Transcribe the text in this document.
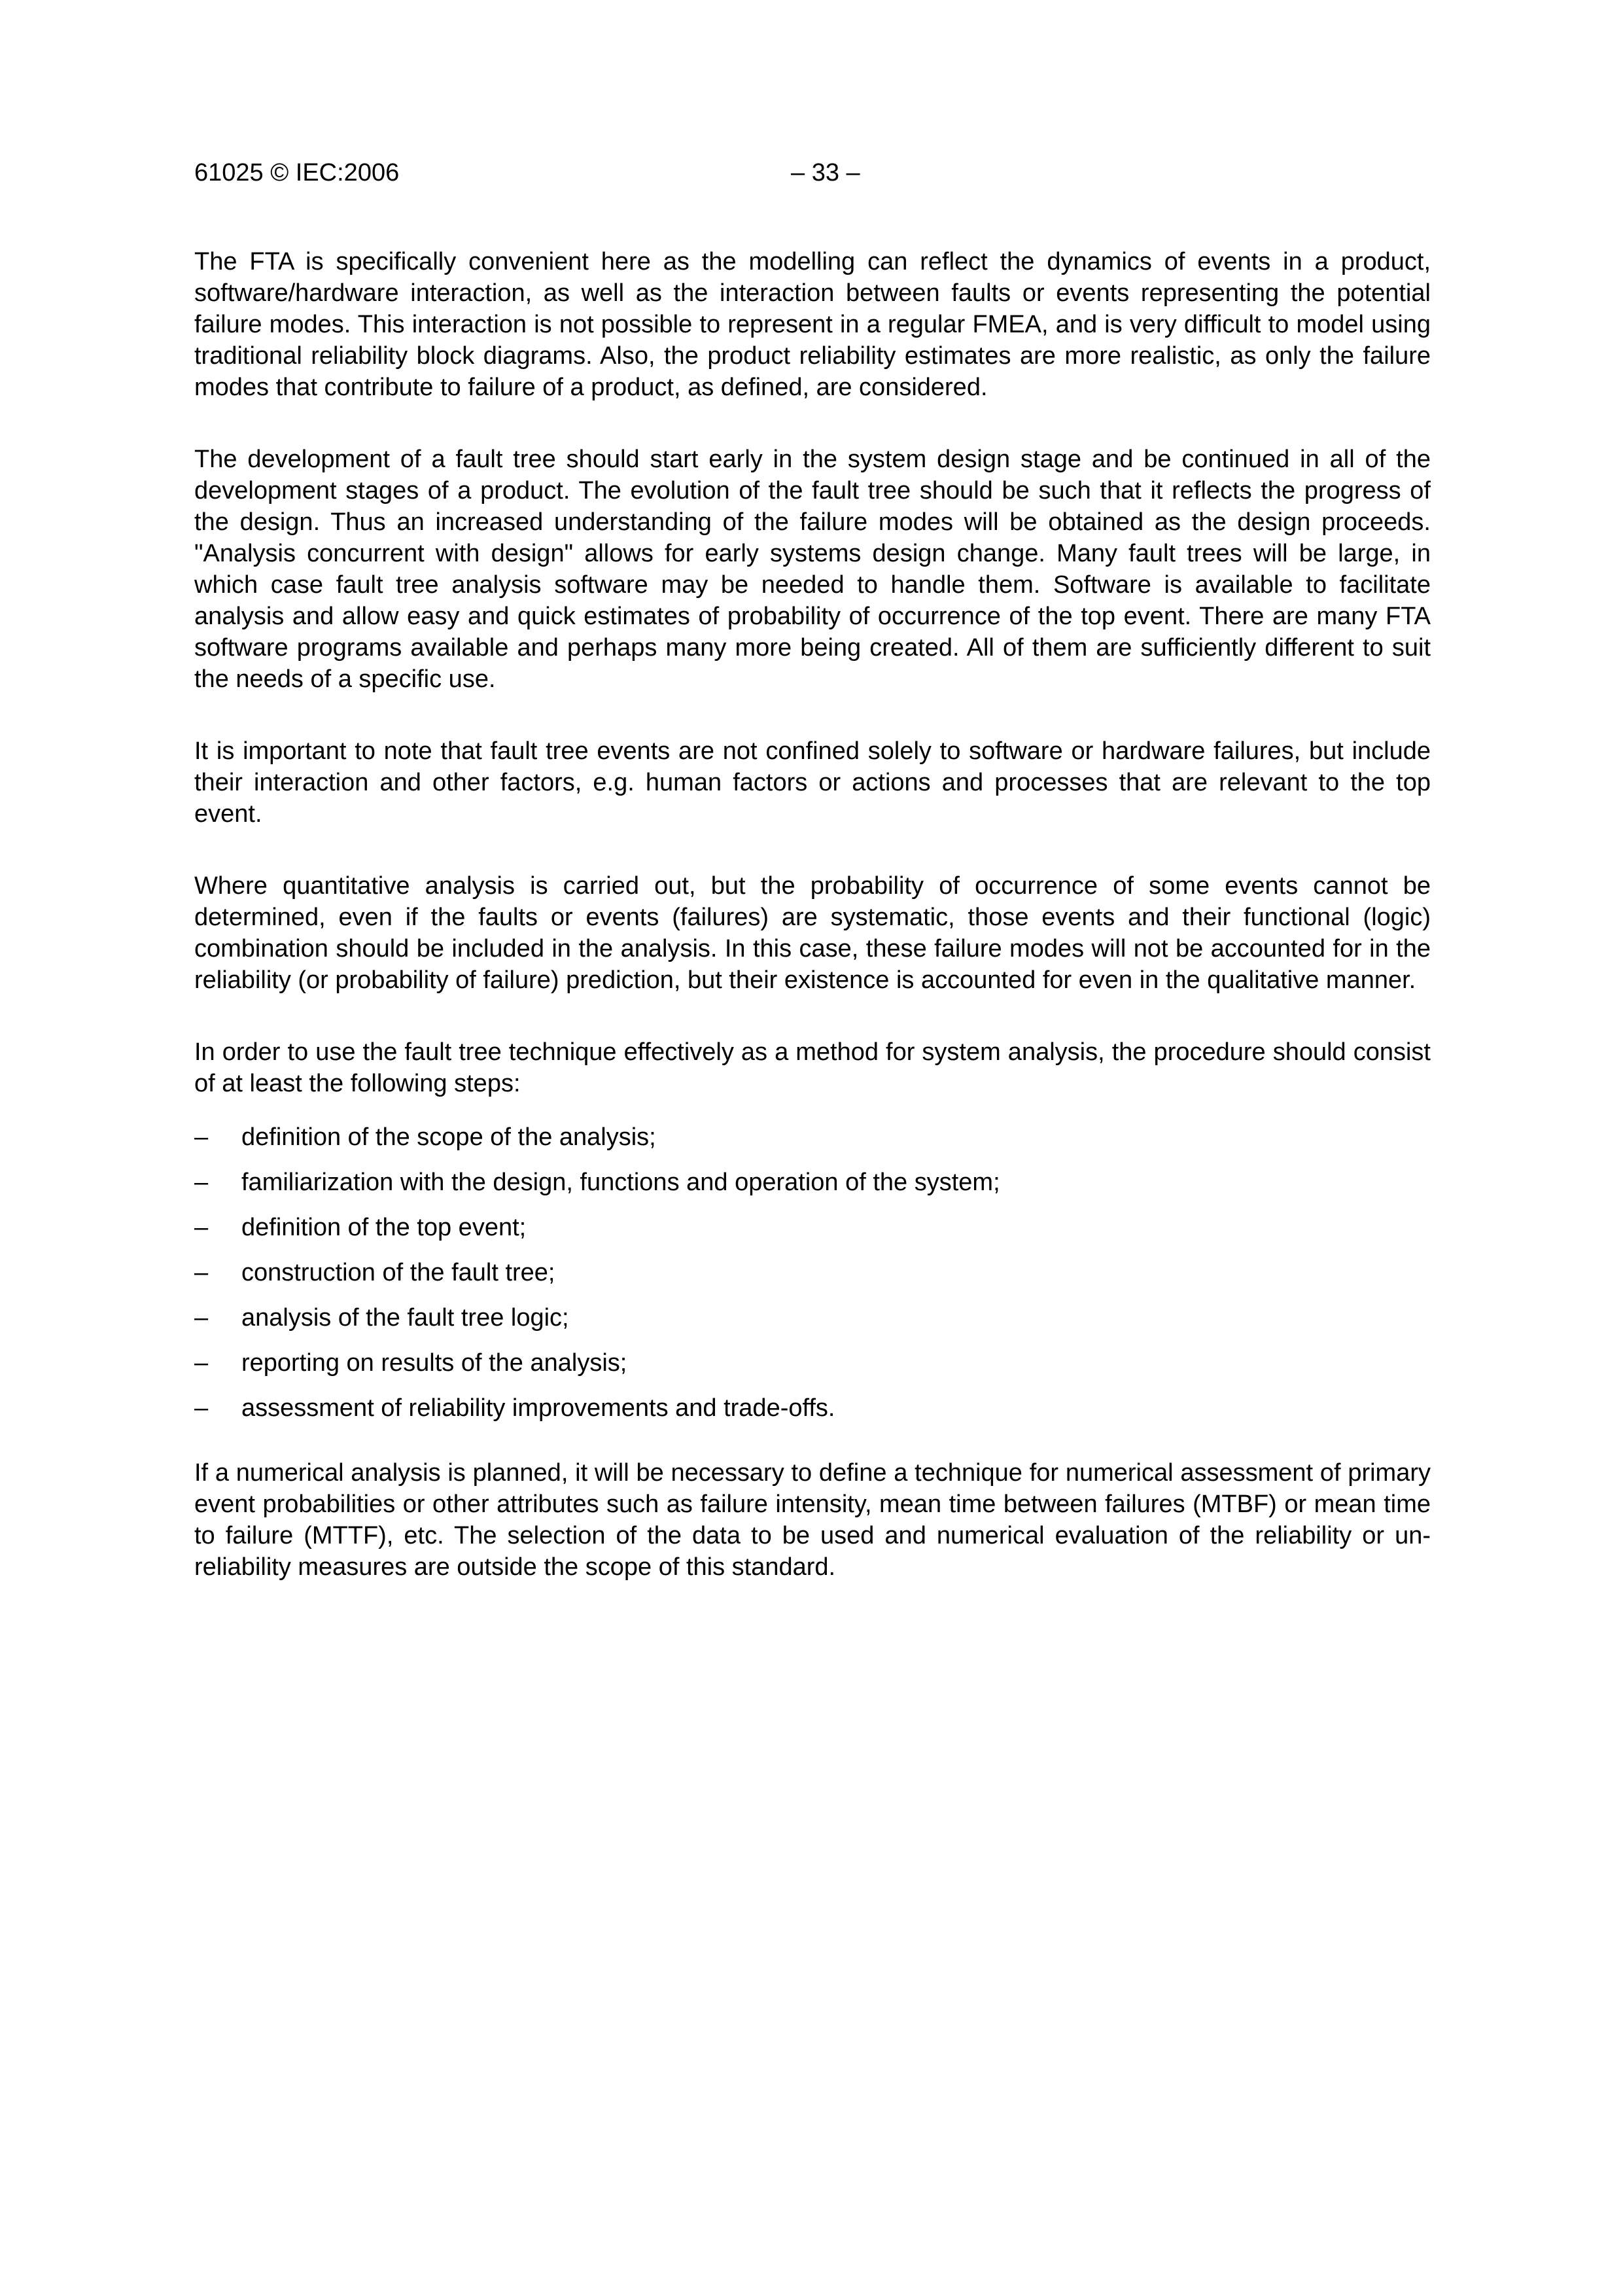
61025 © IEC:2006	– 33 –

The FTA is specifically convenient here as the modelling can reflect the dynamics of events in a product, software/hardware interaction, as well as the interaction between faults or events representing the potential failure modes. This interaction is not possible to represent in a regular FMEA, and is very difficult to model using traditional reliability block diagrams. Also, the product reliability estimates are more realistic, as only the failure modes that contribute to failure of a product, as defined, are considered.

The development of a fault tree should start early in the system design stage and be continued in all of the development stages of a product. The evolution of the fault tree should be such that it reflects the progress of the design. Thus an increased understanding of the failure modes will be obtained as the design proceeds. "Analysis concurrent with design" allows for early systems design change. Many fault trees will be large, in which case fault tree analysis software may be needed to handle them. Software is available to facilitate analysis and allow easy and quick estimates of probability of occurrence of the top event. There are many FTA software programs available and perhaps many more being created. All of them are sufficiently different to suit the needs of a specific use.

It is important to note that fault tree events are not confined solely to software or hardware failures, but include their interaction and other factors, e.g. human factors or actions and processes that are relevant to the top event.

Where quantitative analysis is carried out, but the probability of occurrence of some events cannot be determined, even if the faults or events (failures) are systematic, those events and their functional (logic) combination should be included in the analysis. In this case, these failure modes will not be accounted for in the reliability (or probability of failure) prediction, but their existence is accounted for even in the qualitative manner.

In order to use the fault tree technique effectively as a method for system analysis, the procedure should consist of at least the following steps:

– definition of the scope of the analysis;
– familiarization with the design, functions and operation of the system;
– definition of the top event;
– construction of the fault tree;
– analysis of the fault tree logic;
– reporting on results of the analysis;
– assessment of reliability improvements and trade-offs.

If a numerical analysis is planned, it will be necessary to define a technique for numerical assessment of primary event probabilities or other attributes such as failure intensity, mean time between failures (MTBF) or mean time to failure (MTTF), etc. The selection of the data to be used and numerical evaluation of the reliability or un-reliability measures are outside the scope of this standard.
